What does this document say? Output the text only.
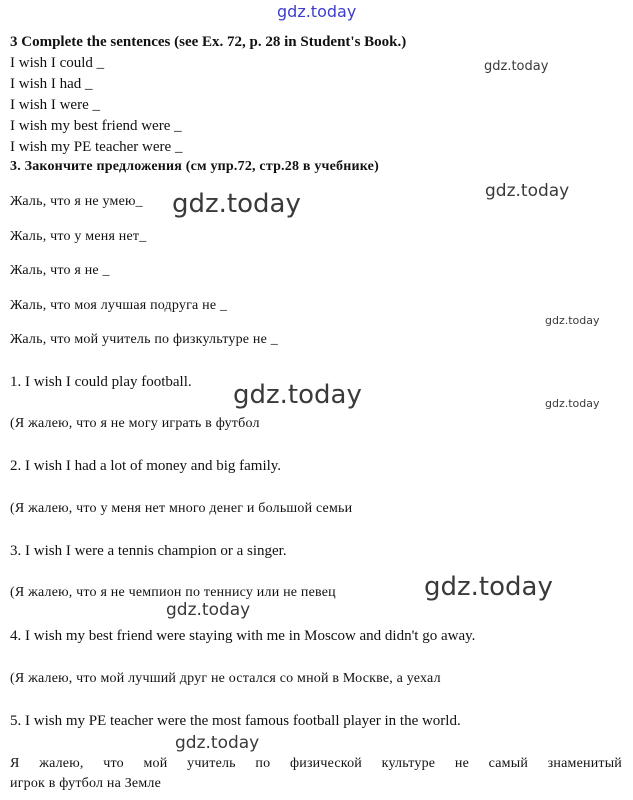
gdz.today
3 Complete the sentences (see Ex. 72, p. 28 in Student's Book.)
I wish I could _
I wish I had _
I wish I were _
I wish my best friend were _
I wish my PE teacher were _
3. Закончите предложения (см упр.72, стр.28 в учебнике)
Жаль, что я не умею_
Жаль, что у меня нет_
Жаль, что я не _
Жаль, что моя лучшая подруга не _
Жаль, что мой учитель по физкультуре не _
1. I wish I could play football.
(Я жалею, что я не могу играть в футбол
2. I wish I had a lot of money and big family.
(Я жалею, что у меня нет много денег и большой семьи
3. I wish I were a tennis champion or a singer.
(Я жалею, что я не чемпион по теннису или не певец
4. I wish my best friend were staying with me in Moscow and didn't go away.
(Я жалею, что мой лучший друг не остался со мной в Москве, а уехал
5. I wish my PE teacher were the most famous football player in the world.
Я жалею, что мой учитель по физической культуре не самый знаменитый
игрок в футбол на Земле
gdz.today
gdz.today
gdz.today
gdz.today
gdz.today	gdz.today
gdz.today
gdz.today
gdz.today
